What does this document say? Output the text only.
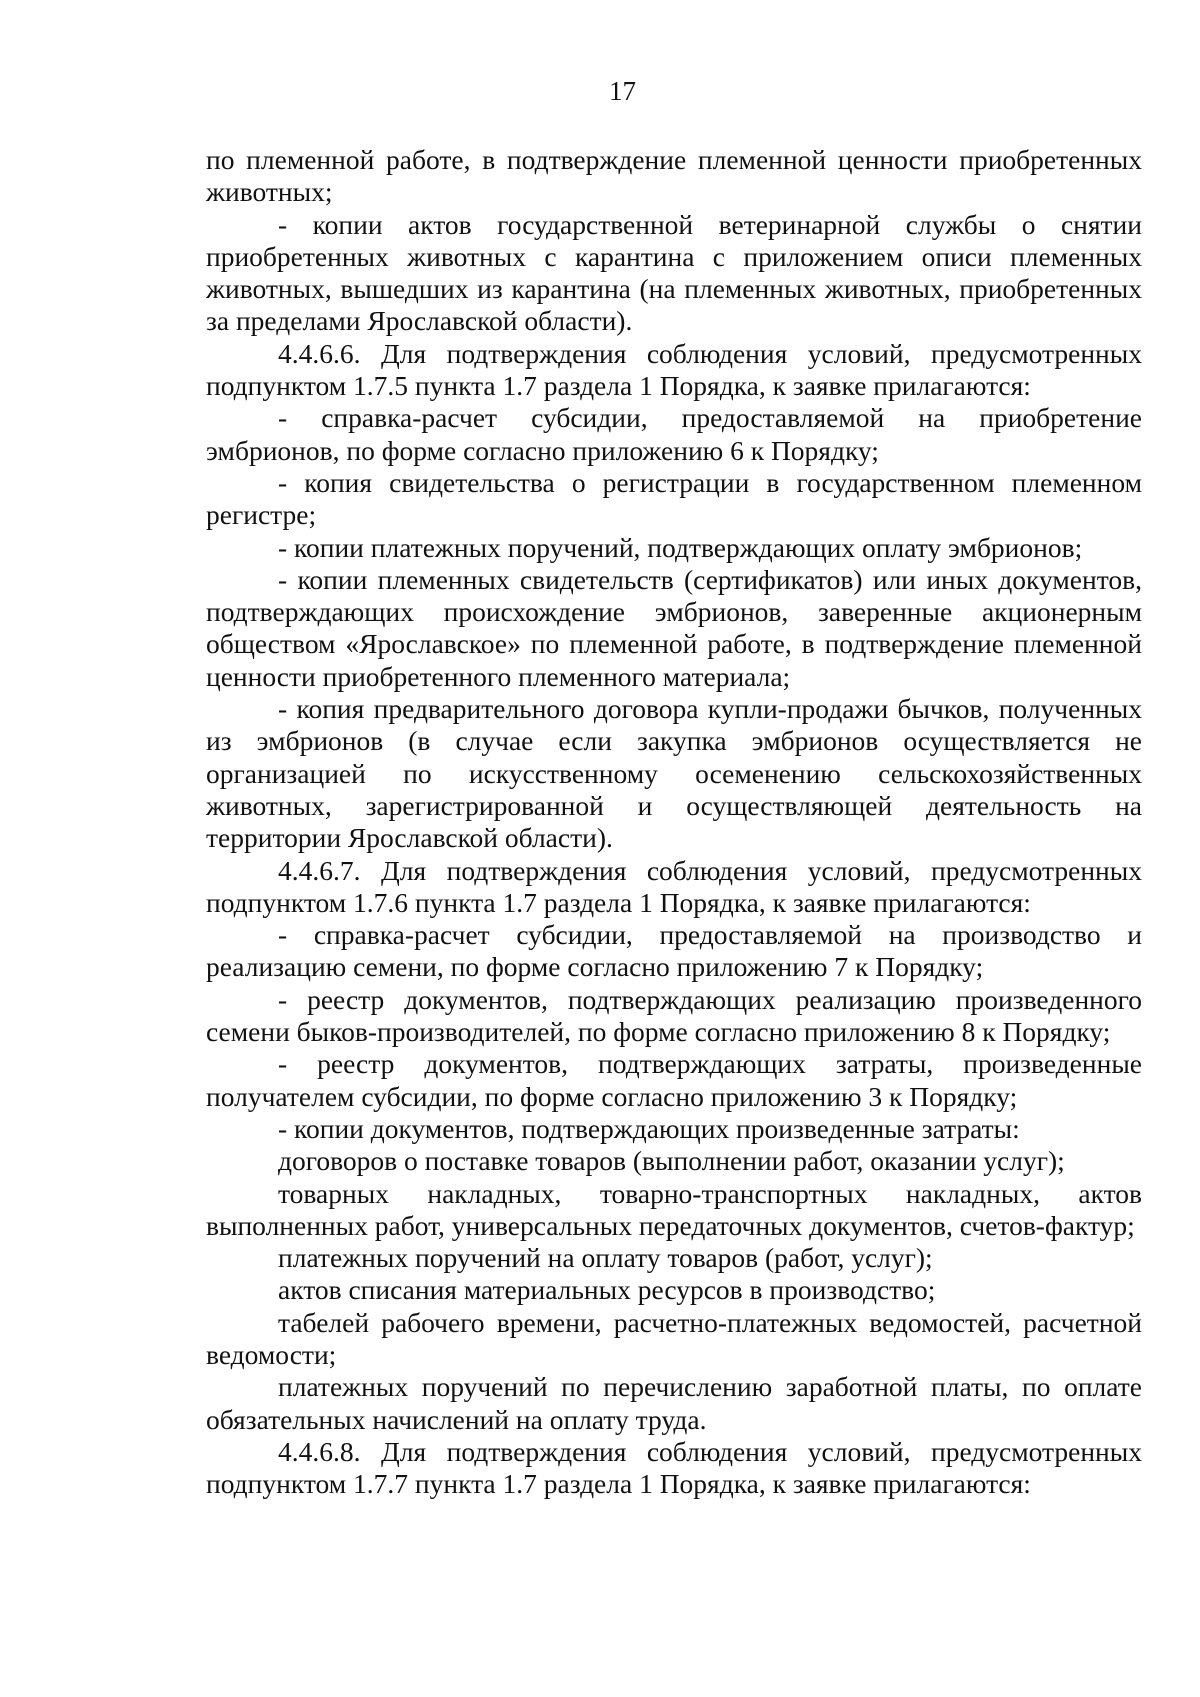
17

по племенной работе, в подтверждение племенной ценности приобретенных животных;

- копии актов государственной ветеринарной службы о снятии приобретенных животных с карантина с приложением описи племенных животных, вышедших из карантина (на племенных животных, приобретенных за пределами Ярославской области).

4.4.6.6. Для подтверждения соблюдения условий, предусмотренных подпунктом 1.7.5 пункта 1.7 раздела 1 Порядка, к заявке прилагаются:

- справка-расчет субсидии, предоставляемой на приобретение эмбрионов, по форме согласно приложению 6 к Порядку;

- копия свидетельства о регистрации в государственном племенном регистре;

- копии платежных поручений, подтверждающих оплату эмбрионов;

- копии племенных свидетельств (сертификатов) или иных документов, подтверждающих происхождение эмбрионов, заверенные акционерным обществом «Ярославское» по племенной работе, в подтверждение племенной ценности приобретенного племенного материала;

- копия предварительного договора купли-продажи бычков, полученных из эмбрионов (в случае если закупка эмбрионов осуществляется не организацией по искусственному осеменению сельскохозяйственных животных, зарегистрированной и осуществляющей деятельность на территории Ярославской области).

4.4.6.7. Для подтверждения соблюдения условий, предусмотренных подпунктом 1.7.6 пункта 1.7 раздела 1 Порядка, к заявке прилагаются:

- справка-расчет субсидии, предоставляемой на производство и реализацию семени, по форме согласно приложению 7 к Порядку;

- реестр документов, подтверждающих реализацию произведенного семени быков-производителей, по форме согласно приложению 8 к Порядку;

- реестр документов, подтверждающих затраты, произведенные получателем субсидии, по форме согласно приложению 3 к Порядку;

- копии документов, подтверждающих произведенные затраты:

договоров о поставке товаров (выполнении работ, оказании услуг);

товарных накладных, товарно-транспортных накладных, актов выполненных работ, универсальных передаточных документов, счетов-фактур;

платежных поручений на оплату товаров (работ, услуг);

актов списания материальных ресурсов в производство;

табелей рабочего времени, расчетно-платежных ведомостей, расчетной ведомости;

платежных поручений по перечислению заработной платы, по оплате обязательных начислений на оплату труда.

4.4.6.8. Для подтверждения соблюдения условий, предусмотренных подпунктом 1.7.7 пункта 1.7 раздела 1 Порядка, к заявке прилагаются:
